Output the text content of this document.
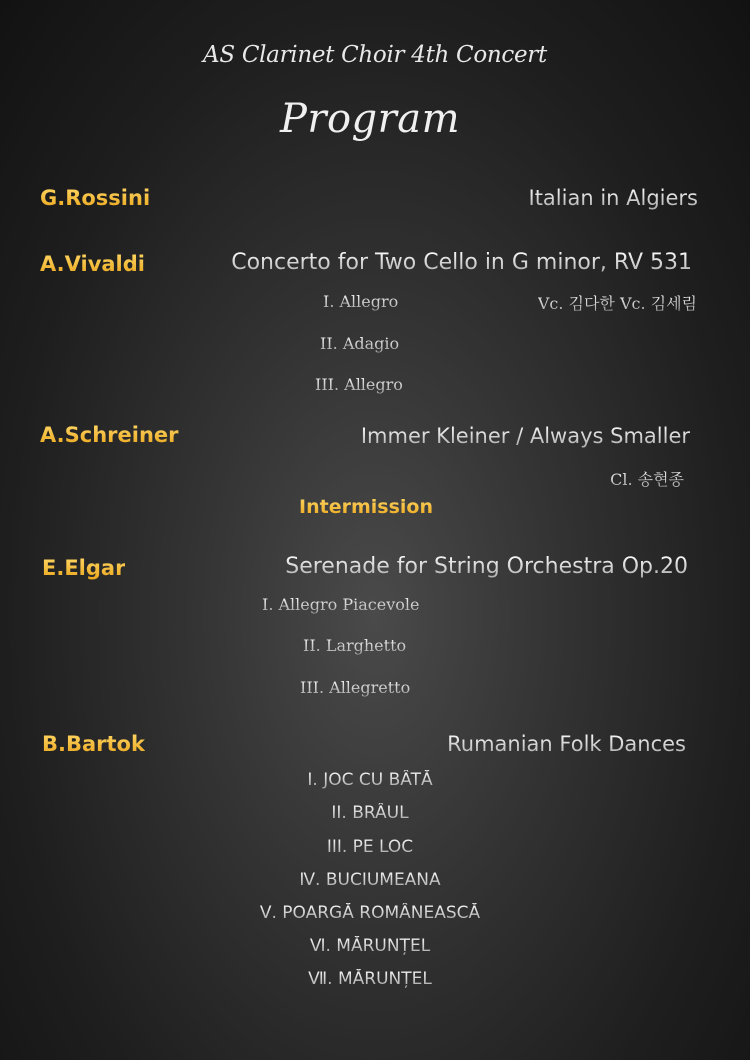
AS Clarinet Choir 4th Concert
Program
G.Rossini	Italian in Algiers
A.Vivaldi	Concerto for Two Cello in G minor, RV 531
I. Allegro	Vc. 김다한 Vc. 김세림
II. Adagio
III. Allegro
A.Schreiner	Immer Kleiner / Always Smaller
Cl. 송현종
Intermission
E.Elgar	Serenade for String Orchestra Op.20
I. Allegro Piacevole
II. Larghetto
III. Allegretto
B.Bartok	Rumanian Folk Dances
I. JOC CU BÂTĂ
II. BRÂUL
III. PE LOC
Ⅳ. BUCIUMEANA
Ⅴ. POARGĂ ROMÂNEASCĂ
Ⅵ. MĂRUNȚEL
Ⅶ. MĂRUNȚEL
